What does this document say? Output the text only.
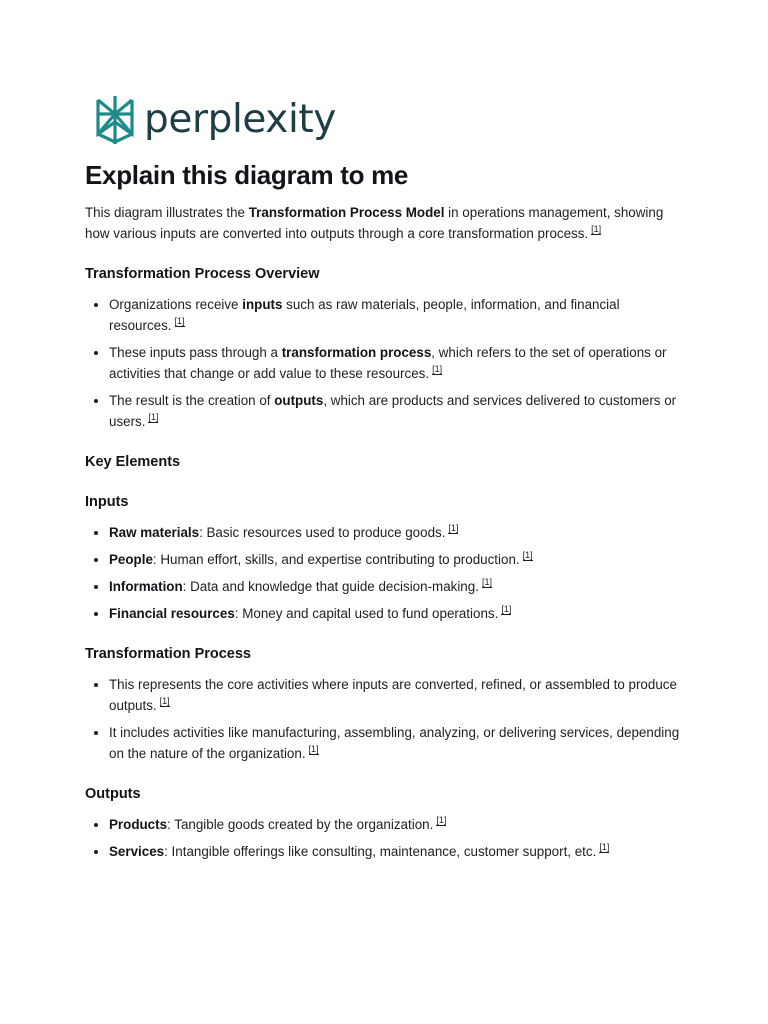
perplexity
Explain this diagram to me

This diagram illustrates the Transformation Process Model in operations management, showing how various inputs are converted into outputs through a core transformation process. [1]

Transformation Process Overview
Organizations receive inputs such as raw materials, people, information, and financial resources. [1]
These inputs pass through a transformation process, which refers to the set of operations or activities that change or add value to these resources. [1]
The result is the creation of outputs, which are products and services delivered to customers or users. [1]
Key Elements
Inputs
Raw materials: Basic resources used to produce goods. [1]
People: Human effort, skills, and expertise contributing to production. [1]
Information: Data and knowledge that guide decision-making. [1]
Financial resources: Money and capital used to fund operations. [1]
Transformation Process
This represents the core activities where inputs are converted, refined, or assembled to produce outputs. [1]
It includes activities like manufacturing, assembling, analyzing, or delivering services, depending on the nature of the organization. [1]
Outputs
Products: Tangible goods created by the organization. [1]
Services: Intangible offerings like consulting, maintenance, customer support, etc. [1]
